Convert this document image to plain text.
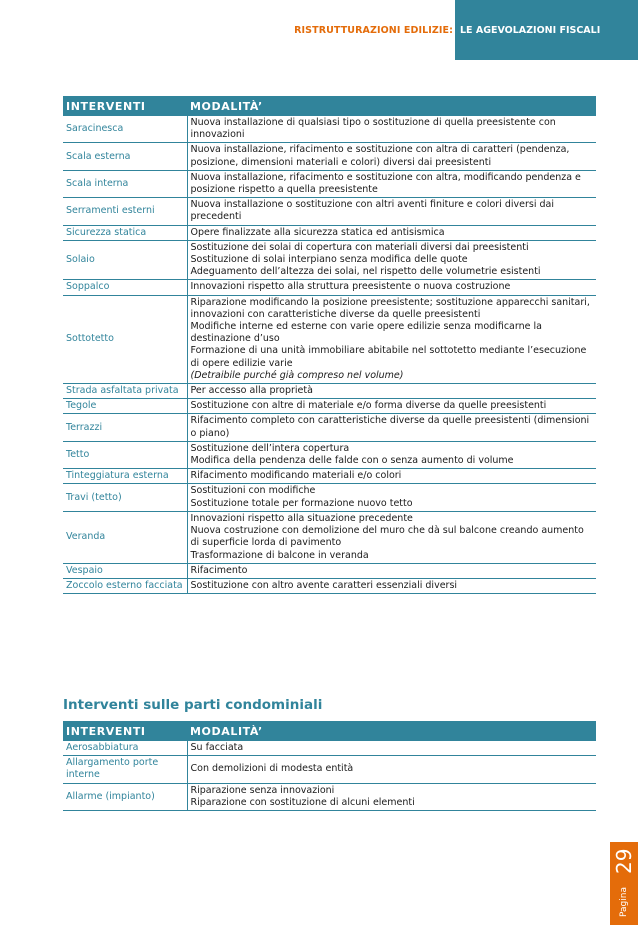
RISTRUTTURAZIONI EDILIZIE: LE AGEVOLAZIONI FISCALI
INTERVENTI	MODALITÀ’
Saracinesca	Nuova installazione di qualsiasi tipo o sostituzione di quella preesistente con innovazioni

Scala esterna	Nuova installazione, rifacimento e sostituzione con altra di caratteri (pendenza, posizione, dimensioni materiali e colori) diversi dai preesistenti

Scala interna	Nuova installazione, rifacimento e sostituzione con altra, modificando pendenza e posizione rispetto a quella preesistente

Serramenti esterni	Nuova installazione o sostituzione con altri aventi finiture e colori diversi dai precedenti

Sicurezza statica	Opere finalizzate alla sicurezza statica ed antisismica

Solaio	Sostituzione dei solai di copertura con materiali diversi dai preesistenti
Sostituzione di solai interpiano senza modifica delle quote
Adeguamento dell’altezza dei solai, nel rispetto delle volumetrie esistenti

Soppalco	Innovazioni rispetto alla struttura preesistente o nuova costruzione

Sottotetto	Riparazione modificando la posizione preesistente; sostituzione apparecchi sanitari, innovazioni con caratteristiche diverse da quelle preesistenti
Modifiche interne ed esterne con varie opere edilizie senza modificarne la destinazione d’uso
Formazione di una unità immobiliare abitabile nel sottotetto mediante l’esecuzione di opere edilizie varie
(Detraibile purché già compreso nel volume)

Strada asfaltata privata	Per accesso alla proprietà

Tegole	Sostituzione con altre di materiale e/o forma diverse da quelle preesistenti

Terrazzi	Rifacimento completo con caratteristiche diverse da quelle preesistenti (dimensioni o piano)

Tetto	Sostituzione dell’intera copertura
Modifica della pendenza delle falde con o senza aumento di volume

Tinteggiatura esterna	Rifacimento modificando materiali e/o colori

Travi (tetto)	Sostituzioni con modifiche
Sostituzione totale per formazione nuovo tetto

Veranda	Innovazioni rispetto alla situazione precedente
Nuova costruzione con demolizione del muro che dà sul balcone creando aumento di superficie lorda di pavimento
Trasformazione di balcone in veranda

Vespaio	Rifacimento

Zoccolo esterno facciata	Sostituzione con altro avente caratteri essenziali diversi
Interventi sulle parti condominiali
INTERVENTI	MODALITÀ’
Aerosabbiatura	Su facciata

Allargamento porte interne	Con demolizioni di modesta entità

Allarme (impianto)	Riparazione senza innovazioni
Riparazione con sostituzione di alcuni elementi
29
Pagina
